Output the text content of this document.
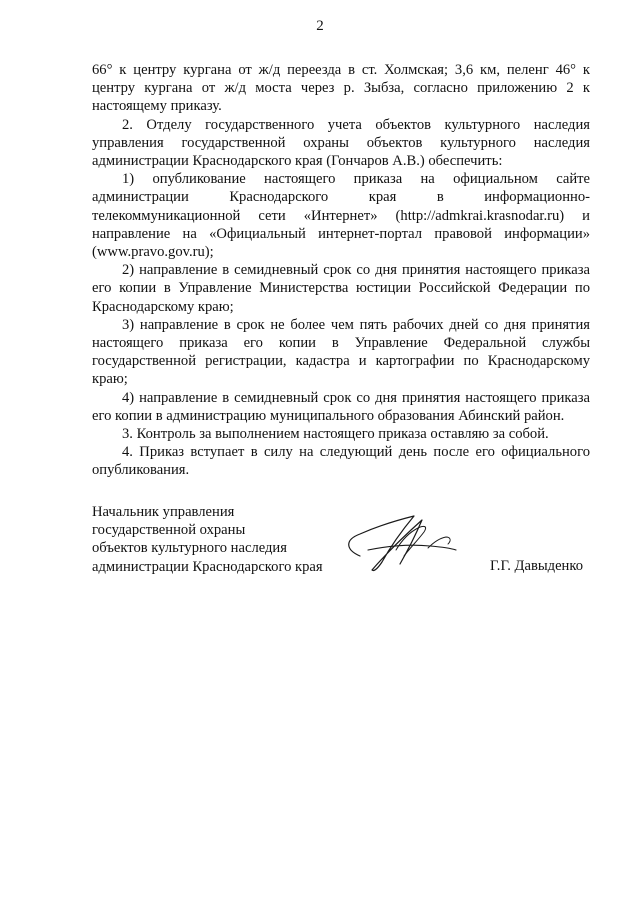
2

66° к центру кургана от ж/д переезда в ст. Холмская; 3,6 км, пеленг 46° к центру кургана от ж/д моста через р. Зыбза, согласно приложению 2 к настоящему приказу.

2. Отделу государственного учета объектов культурного наследия управления государственной охраны объектов культурного наследия администрации Краснодарского края (Гончаров А.В.) обеспечить:

1) опубликование настоящего приказа на официальном сайте администрации Краснодарского края в информационно-телекоммуникационной сети «Интернет» (http://admkrai.krasnodar.ru) и направление на «Официальный интернет-портал правовой информации» (www.pravo.gov.ru);

2) направление в семидневный срок со дня принятия настоящего приказа его копии в Управление Министерства юстиции Российской Федерации по Краснодарскому краю;

3) направление в срок не более чем пять рабочих дней со дня принятия настоящего приказа его копии в Управление Федеральной службы государственной регистрации, кадастра и картографии по Краснодарскому краю;

4) направление в семидневный срок со дня принятия настоящего приказа его копии в администрацию муниципального образования Абинский район.

3. Контроль за выполнением настоящего приказа оставляю за собой.

4. Приказ вступает в силу на следующий день после его официального опубликования.

Начальник управления
государственной охраны
объектов культурного наследия
администрации Краснодарского края	Г.Г. Давыденко
